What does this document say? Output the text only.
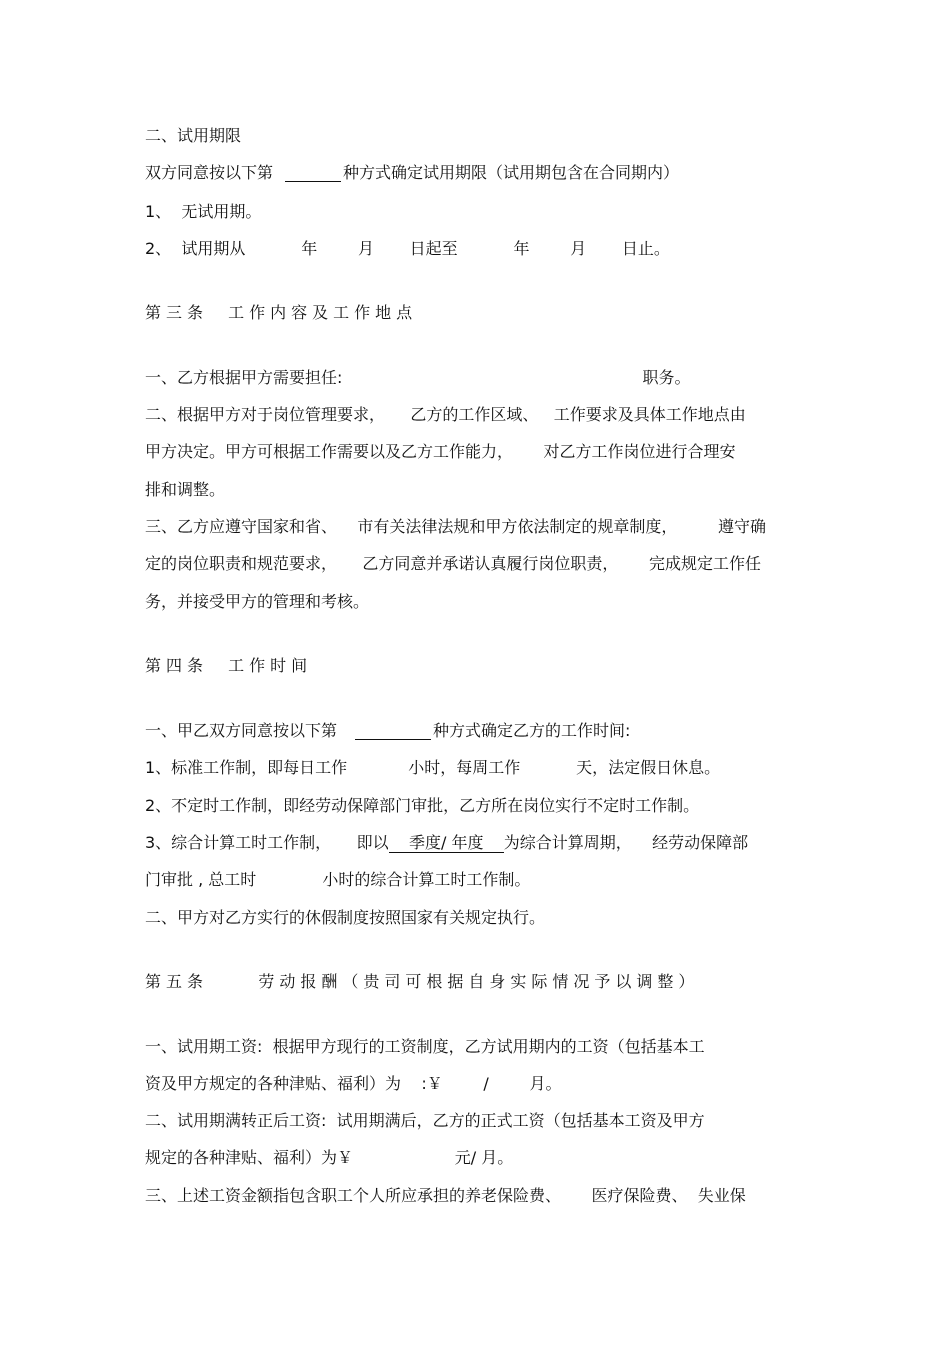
二、试用期限
双方同意按以下第	种方式确定试用期限（试用期包含在合同期内）
1、  无试用期。
2、  试用期从           年        月       日起至           年        月       日止。
第三条  工作内容及工作地点
一、乙方根据甲方需要担任:                                                           职务。
二、根据甲方对于岗位管理要求，     乙方的工作区域、   工作要求及具体工作地点由
甲方决定。甲方可根据工作需要以及乙方工作能力，      对乙方工作岗位进行合理安
排和调整。
三、乙方应遵守国家和省、    市有关法律法规和甲方依法制定的规章制度，        遵守确
定的岗位职责和规范要求，     乙方同意并承诺认真履行岗位职责，      完成规定工作任
务，并接受甲方的管理和考核。
第四条  工作时间
一、甲乙双方同意按以下第	种方式确定乙方的工作时间:
1、标准工作制，即每日工作            小时，每周工作           天，法定假日休息。
2、不定时工作制，即经劳动保障部门审批，乙方所在岗位实行不定时工作制。
3、综合计算工时工作制，     即以    季度/ 年度    为综合计算周期，    经劳动保障部
门审批 , 总工时             小时的综合计算工时工作制。
二、甲方对乙方实行的休假制度按照国家有关规定执行。
第五条     劳动报酬（贵司可根据自身实际情况予以调整）
一、试用期工资:  根据甲方现行的工资制度，乙方试用期内的工资（包括基本工
资及甲方规定的各种津贴、福利）为    :￥        /        月。
二、试用期满转正后工资:  试用期满后，乙方的正式工资（包括基本工资及甲方
规定的各种津贴、福利）为￥                    元/ 月。
三、上述工资金额指包含职工个人所应承担的养老保险费、      医疗保险费、  失业保
